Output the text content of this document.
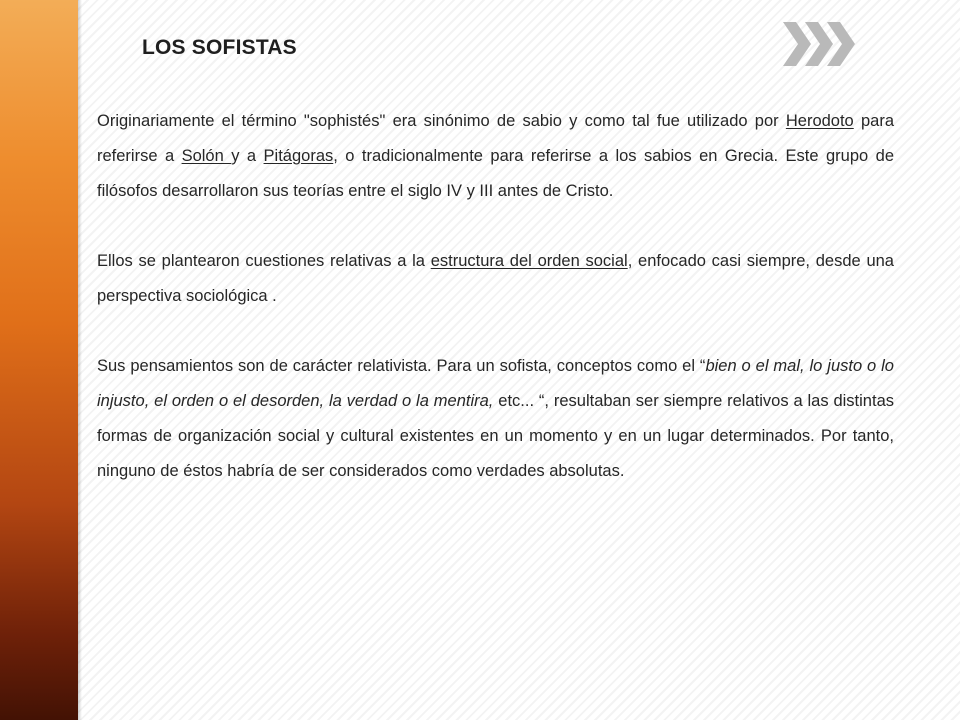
LOS SOFISTAS

Originariamente el término "sophistés" era sinónimo de sabio y como tal fue utilizado por Herodoto para referirse a Solón y a Pitágoras, o tradicionalmente para referirse a los sabios en Grecia. Este grupo de filósofos desarrollaron sus teorías entre el siglo IV y III antes de Cristo.

Ellos se plantearon cuestiones relativas a la estructura del orden social, enfocado casi siempre, desde una perspectiva sociológica .

Sus pensamientos son de carácter relativista. Para un sofista, conceptos como el “bien o el mal, lo justo o lo injusto, el orden o el desorden, la verdad o la mentira, etc... “, resultaban ser siempre relativos a las distintas formas de organización social y cultural existentes en un momento y en un lugar determinados. Por tanto, ninguno de éstos habría de ser considerados como verdades absolutas.
